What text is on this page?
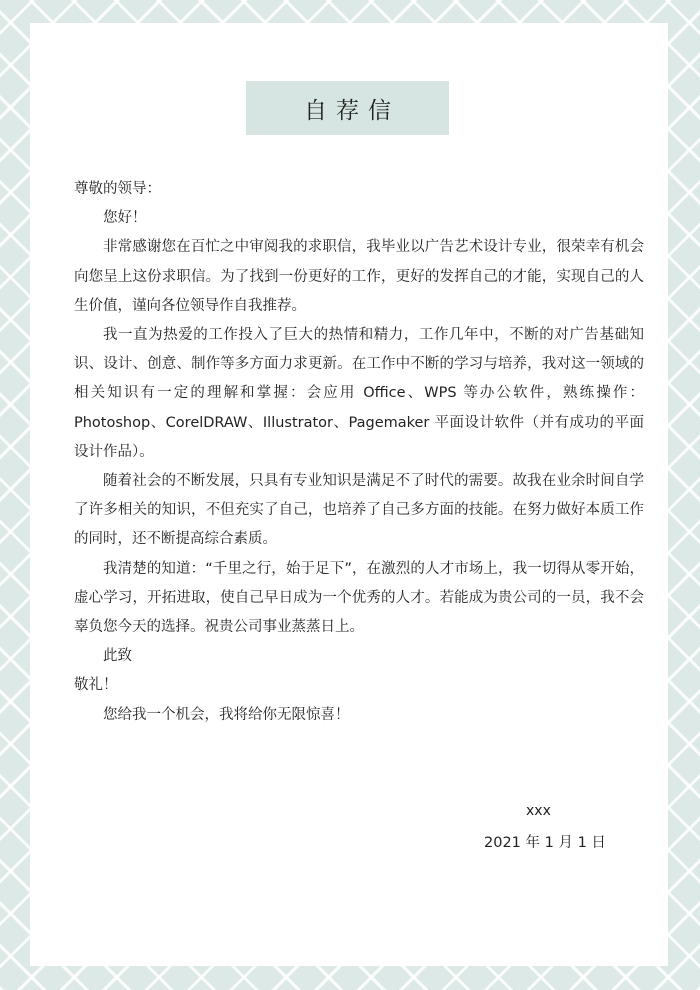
自荐信
尊敬的领导：
您好！
非常感谢您在百忙之中审阅我的求职信，我毕业以广告艺术设计专业，很荣幸有机会向您呈上这份求职信。为了找到一份更好的工作，更好的发挥自己的才能，实现自己的人生价值，谨向各位领导作自我推荐。
我一直为热爱的工作投入了巨大的热情和精力，工作几年中，不断的对广告基础知识、设计、创意、制作等多方面力求更新。在工作中不断的学习与培养，我对这一领域的相关知识有一定的理解和掌握：会应用 Office、WPS 等办公软件，熟练操作：Photoshop、CorelDRAW、Illustrator、Pagemaker 平面设计软件（并有成功的平面设计作品）。
随着社会的不断发展，只具有专业知识是满足不了时代的需要。故我在业余时间自学了许多相关的知识，不但充实了自己，也培养了自己多方面的技能。在努力做好本质工作的同时，还不断提高综合素质。
我清楚的知道：“千里之行，始于足下”，在激烈的人才市场上，我一切得从零开始，虚心学习，开拓进取，使自己早日成为一个优秀的人才。若能成为贵公司的一员，我不会辜负您今天的选择。祝贵公司事业蒸蒸日上。
此致
敬礼！
您给我一个机会，我将给你无限惊喜！
xxx
2021 年 1 月 1 日
